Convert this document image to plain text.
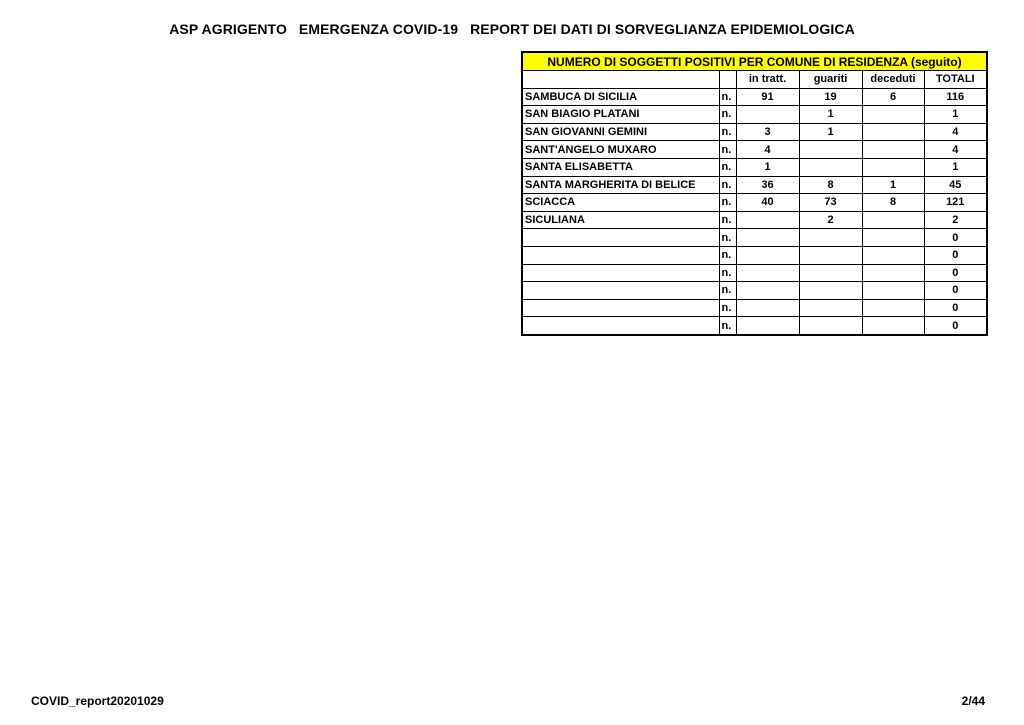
ASP AGRIGENTO   EMERGENZA COVID-19   REPORT DEI DATI DI SORVEGLIANZA EPIDEMIOLOGICA
NUMERO DI SOGGETTI POSITIVI PER COMUNE DI RESIDENZA (seguito)					
		in tratt.	guariti	deceduti	TOTALI
SAMBUCA DI SICILIA	n.	91	19	6	116
SAN BIAGIO PLATANI	n.		1		1
SAN GIOVANNI GEMINI	n.	3	1		4
SANT'ANGELO MUXARO	n.	4			4
SANTA ELISABETTA	n.	1			1
SANTA MARGHERITA DI BELICE	n.	36	8	1	45
SCIACCA	n.	40	73	8	121
SICULIANA	n.		2		2
	n.				0
	n.				0
	n.				0
	n.				0
	n.				0
	n.				0
COVID_report20201029	2/44
